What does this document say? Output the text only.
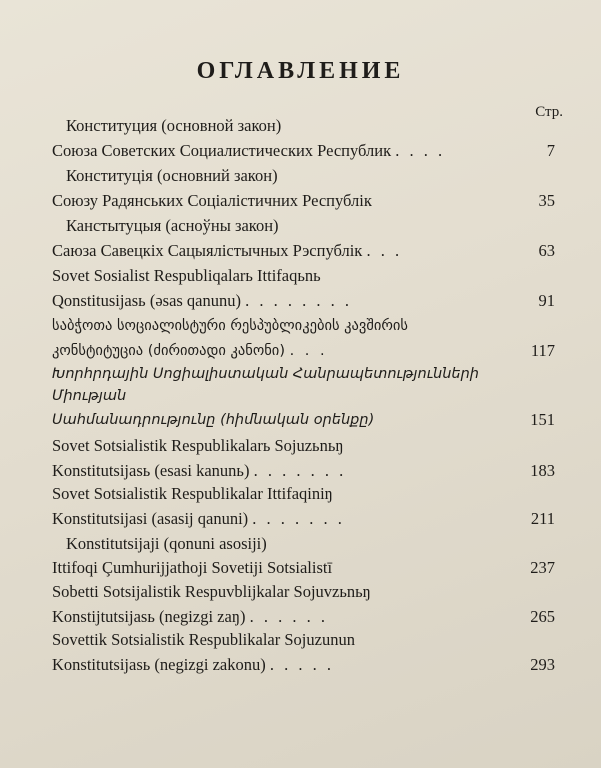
ОГЛАВЛЕНИЕ
Стр.
Конституция (основной закон)
Союза Советских Социалистических Республик . . . .	7
Конституція (основний закон)
Союзу Радянських Соціалістичних Республік	35
Канстытуцыя (асноўны закон)
Саюза Савецкіх Сацыялістычных Рэспублік . . .	63
Sovet Sosialist Respubliqalarь Ittifaqьnь
Qonstitusijasь (əsas qanunu) . . . . . . . .	91
საბჭოთა სოციალისტური რესპუბლიკების კავშირის
კონსტიტუცია (ძირითადი კანონი) . . .	117
Խորհրդային Սոցիալիստական Հանրապետությունների
Միության
Սահմանադրությունը (հիմնական օրենքը)	151
Sovet Sotsialistik Respublikalarь Sojuzьnьŋ
Konstitutsijasь (esasi kanunь) . . . . . . .	183
Sovet Sotsialistik Respublikalar Ittifaqiniŋ
Konstitutsijasi (asasij qanuni) . . . . . . .	211
Konstitutsijaji (qonuni asosiji)
Ittifoqi Çumhurijjathoji Sovetiji Sotsialistī	237
Sobetti Sotsijalistik Respuvblijkalar Sojuvzьnьŋ
Konstijtutsijasь (negizgi zaŋ) . . . . . .	265
Sovettik Sotsialistik Respublikalar Sojuzunun
Konstitutsijasь (negizgi zakonu) . . . . .	293
